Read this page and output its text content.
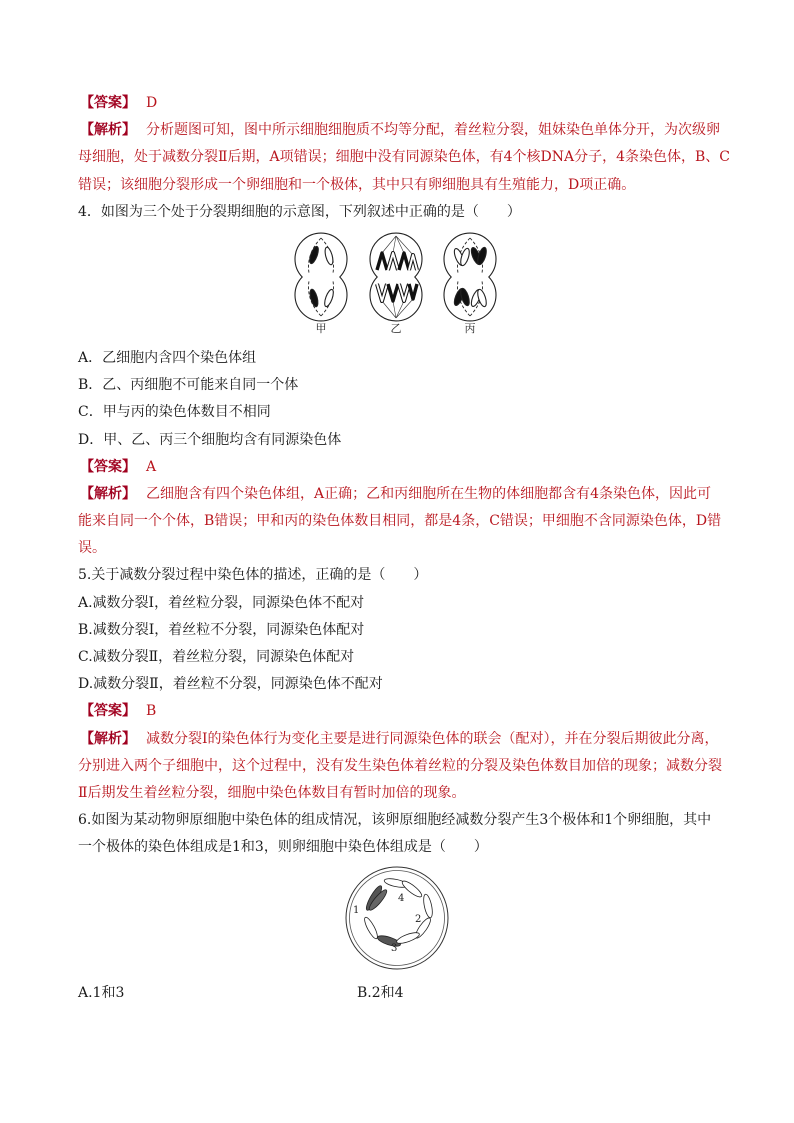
【答案】 D
【解析】 分析题图可知，图中所示细胞细胞质不均等分配，着丝粒分裂，姐妹染色单体分开，为次级卵
母细胞，处于减数分裂Ⅱ后期，A项错误；细胞中没有同源染色体，有4个核DNA分子，4条染色体，B、C
错误；该细胞分裂形成一个卵细胞和一个极体，其中只有卵细胞具有生殖能力，D项正确。
4．如图为三个处于分裂期细胞的示意图，下列叙述中正确的是（　　）
甲	乙	丙
A．乙细胞内含四个染色体组
B．乙、丙细胞不可能来自同一个体
C．甲与丙的染色体数目不相同
D．甲、乙、丙三个细胞均含有同源染色体
【答案】 A
【解析】 乙细胞含有四个染色体组，A正确；乙和丙细胞所在生物的体细胞都含有4条染色体，因此可
能来自同一个个体，B错误；甲和丙的染色体数目相同，都是4条，C错误；甲细胞不含同源染色体，D错
误。
5.关于减数分裂过程中染色体的描述，正确的是（　　）
A.减数分裂Ⅰ，着丝粒分裂，同源染色体不配对
B.减数分裂Ⅰ，着丝粒不分裂，同源染色体配对
C.减数分裂Ⅱ，着丝粒分裂，同源染色体配对
D.减数分裂Ⅱ，着丝粒不分裂，同源染色体不配对
【答案】 B
【解析】 减数分裂Ⅰ的染色体行为变化主要是进行同源染色体的联会（配对），并在分裂后期彼此分离，
分别进入两个子细胞中，这个过程中，没有发生染色体着丝粒的分裂及染色体数目加倍的现象；减数分裂
Ⅱ后期发生着丝粒分裂，细胞中染色体数目有暂时加倍的现象。
6.如图为某动物卵原细胞中染色体的组成情况，该卵原细胞经减数分裂产生3个极体和1个卵细胞，其中
一个极体的染色体组成是1和3，则卵细胞中染色体组成是（　　）
1
2
3
4
A.1和3	B.2和4
